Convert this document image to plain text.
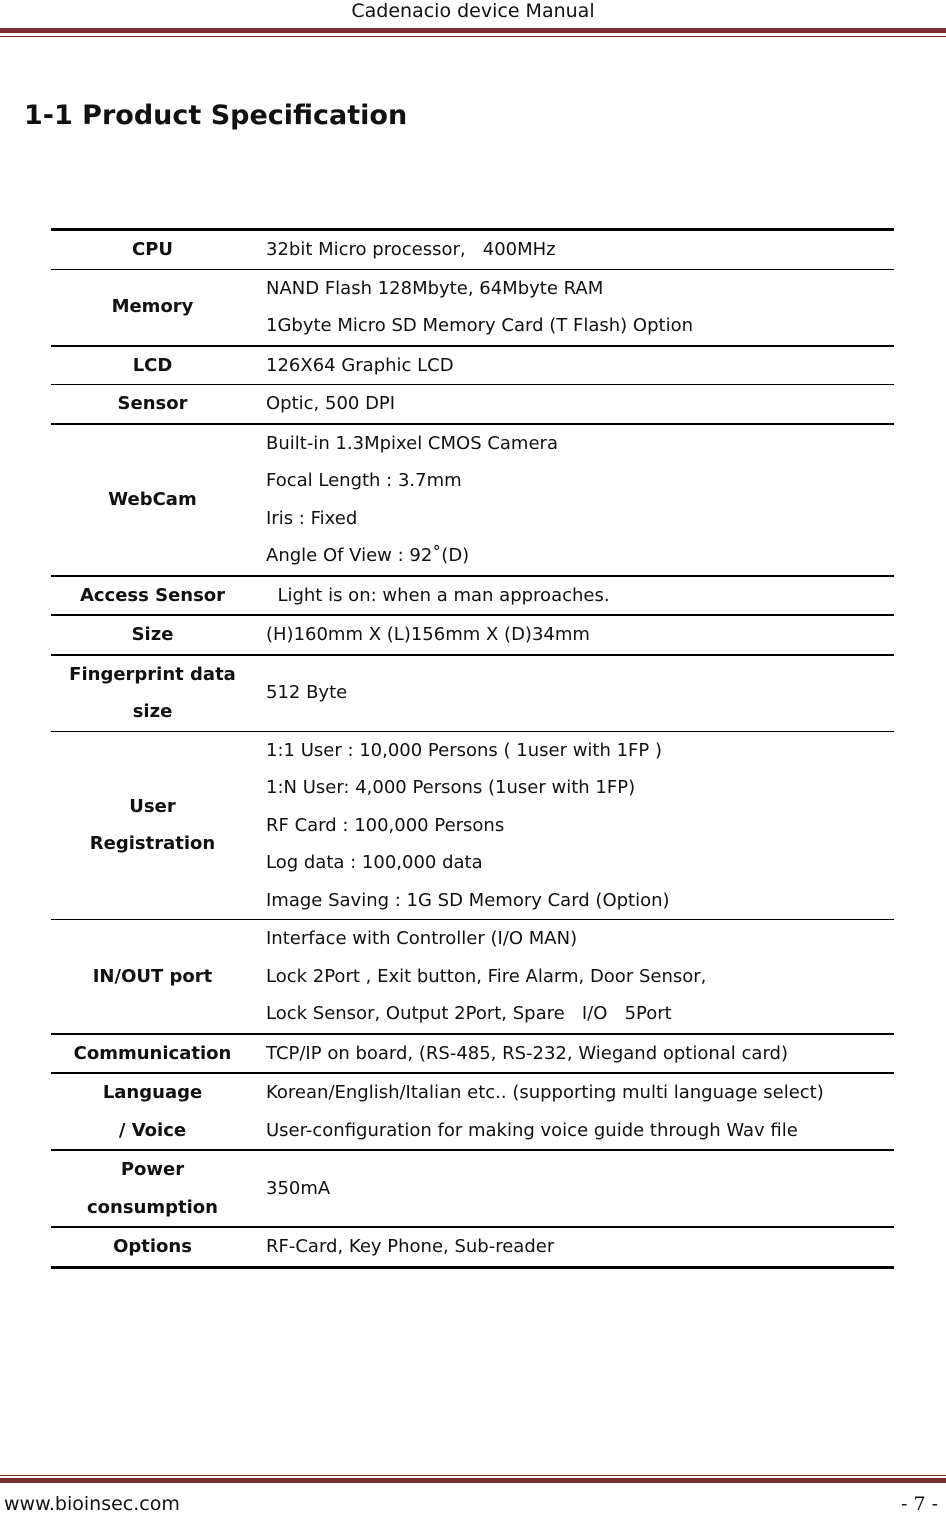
Cadenacio device Manual
1-1 Product Specification
CPU	32bit Micro processor,   400MHz

Memory	NAND Flash 128Mbyte, 64Mbyte RAM
1Gbyte Micro SD Memory Card (T Flash) Option

LCD	126X64 Graphic LCD

Sensor	Optic, 500 DPI

WebCam	Built-in 1.3Mpixel CMOS Camera
Focal Length : 3.7mm
Iris : Fixed
Angle Of View : 92˚(D)

Access Sensor	Light is on: when a man approaches.

Size	(H)160mm X (L)156mm X (D)34mm

Fingerprint data
size	512 Byte

User
Registration	1:1 User : 10,000 Persons ( 1user with 1FP )
1:N User: 4,000 Persons (1user with 1FP)
RF Card : 100,000 Persons
Log data : 100,000 data
Image Saving : 1G SD Memory Card (Option)

IN/OUT port	Interface with Controller (I/O MAN)
Lock 2Port , Exit button, Fire Alarm, Door Sensor,
Lock Sensor, Output 2Port, Spare   I/O   5Port

Communication	TCP/IP on board, (RS-485, RS-232, Wiegand optional card)

Language
/ Voice	Korean/English/Italian etc.. (supporting multi language select)
User-configuration for making voice guide through Wav file

Power
consumption	350mA

Options	RF-Card, Key Phone, Sub-reader
www.bioinsec.com	- 7 -
